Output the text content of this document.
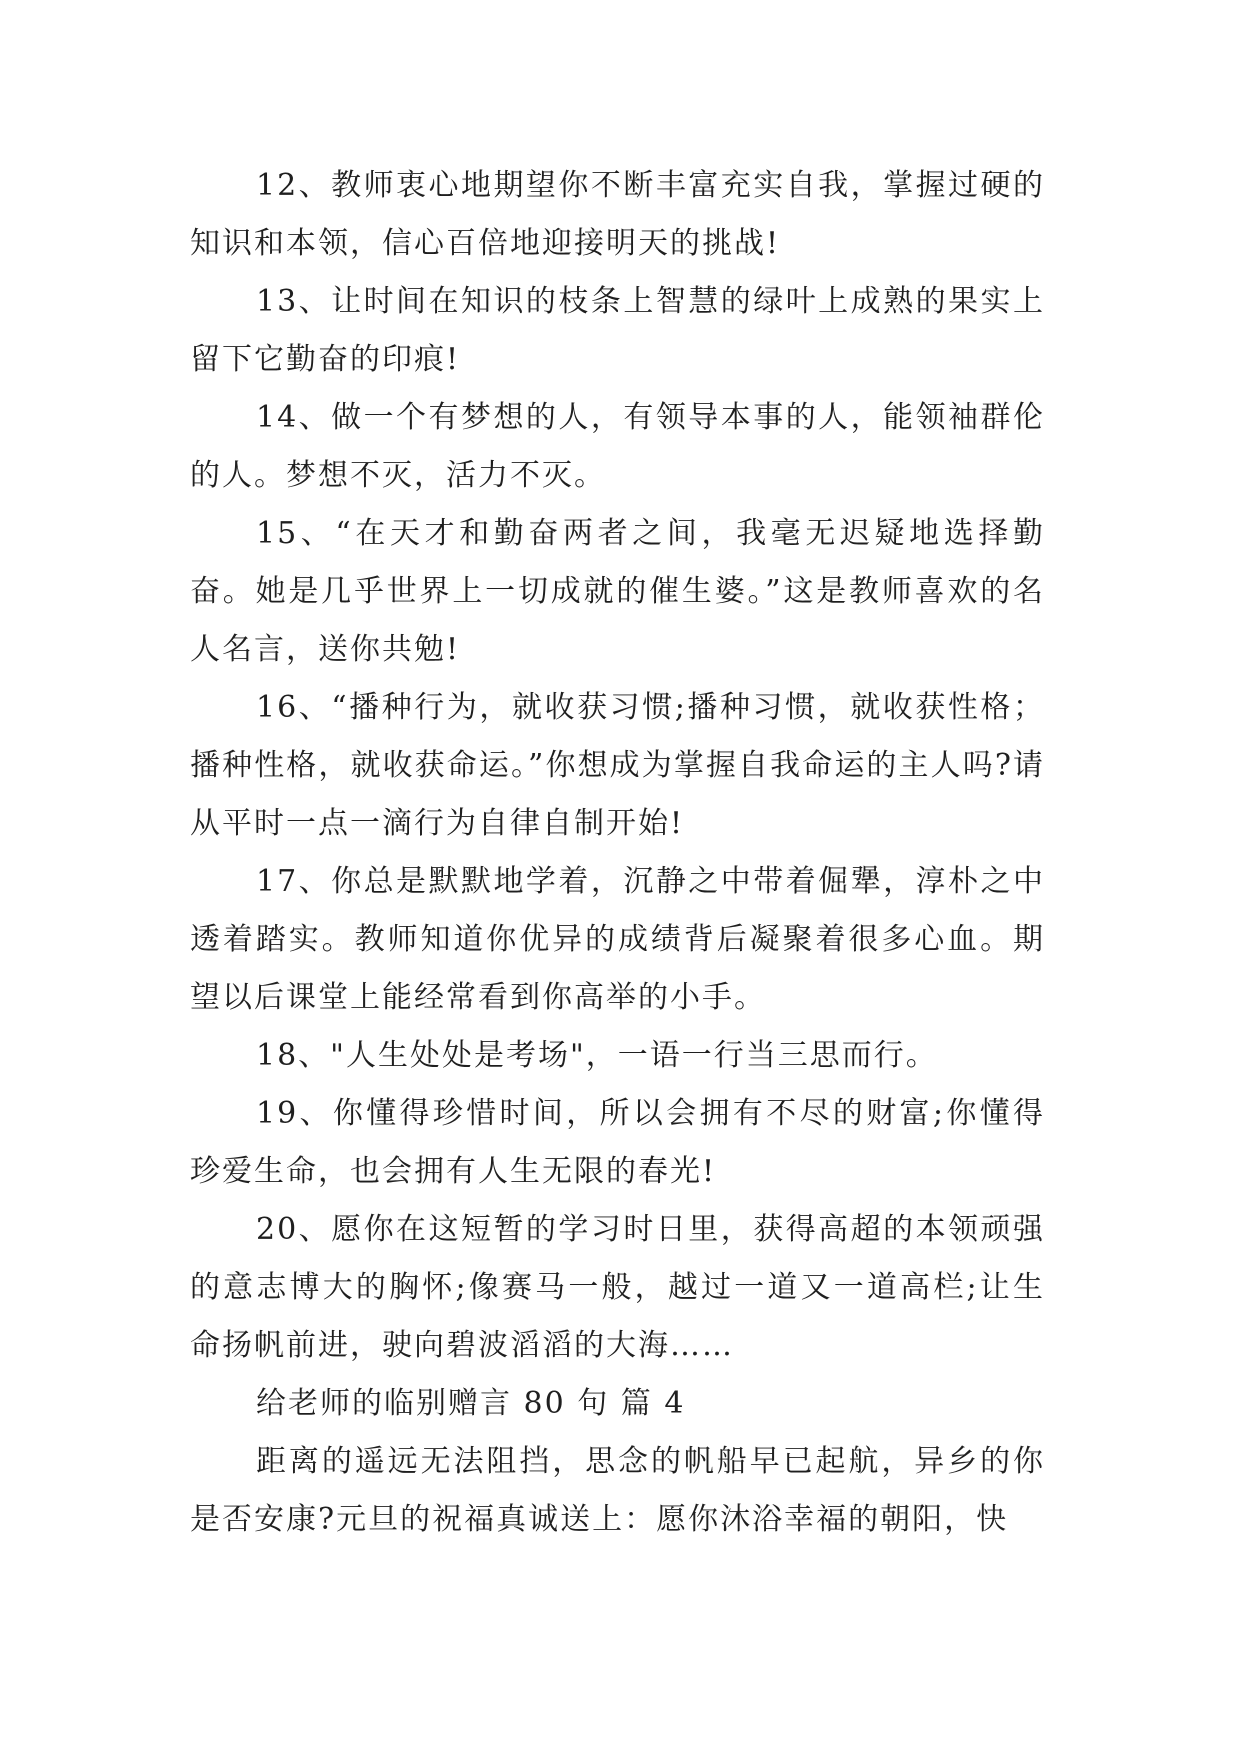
12、教师衷心地期望你不断丰富充实自我，掌握过硬的知识和本领，信心百倍地迎接明天的挑战!

13、让时间在知识的枝条上智慧的绿叶上成熟的果实上留下它勤奋的印痕!

14、做一个有梦想的人，有领导本事的人，能领袖群伦的人。梦想不灭，活力不灭。

15、“在天才和勤奋两者之间，我毫无迟疑地选择勤奋。她是几乎世界上一切成就的催生婆。”这是教师喜欢的名人名言，送你共勉!

16、“播种行为，就收获习惯;播种习惯，就收获性格；播种性格，就收获命运。”你想成为掌握自我命运的主人吗?请从平时一点一滴行为自律自制开始!

17、你总是默默地学着，沉静之中带着倔犟，淳朴之中透着踏实。教师知道你优异的成绩背后凝聚着很多心血。期望以后课堂上能经常看到你高举的小手。

18、"人生处处是考场"，一语一行当三思而行。

19、你懂得珍惜时间，所以会拥有不尽的财富;你懂得珍爱生命，也会拥有人生无限的春光!

20、愿你在这短暂的学习时日里，获得高超的本领顽强的意志博大的胸怀;像赛马一般，越过一道又一道高栏;让生命扬帆前进，驶向碧波滔滔的大海……

给老师的临别赠言 80 句 篇 4

距离的遥远无法阻挡，思念的帆船早已起航，异乡的你是否安康?元旦的祝福真诚送上：愿你沐浴幸福的朝阳，快
